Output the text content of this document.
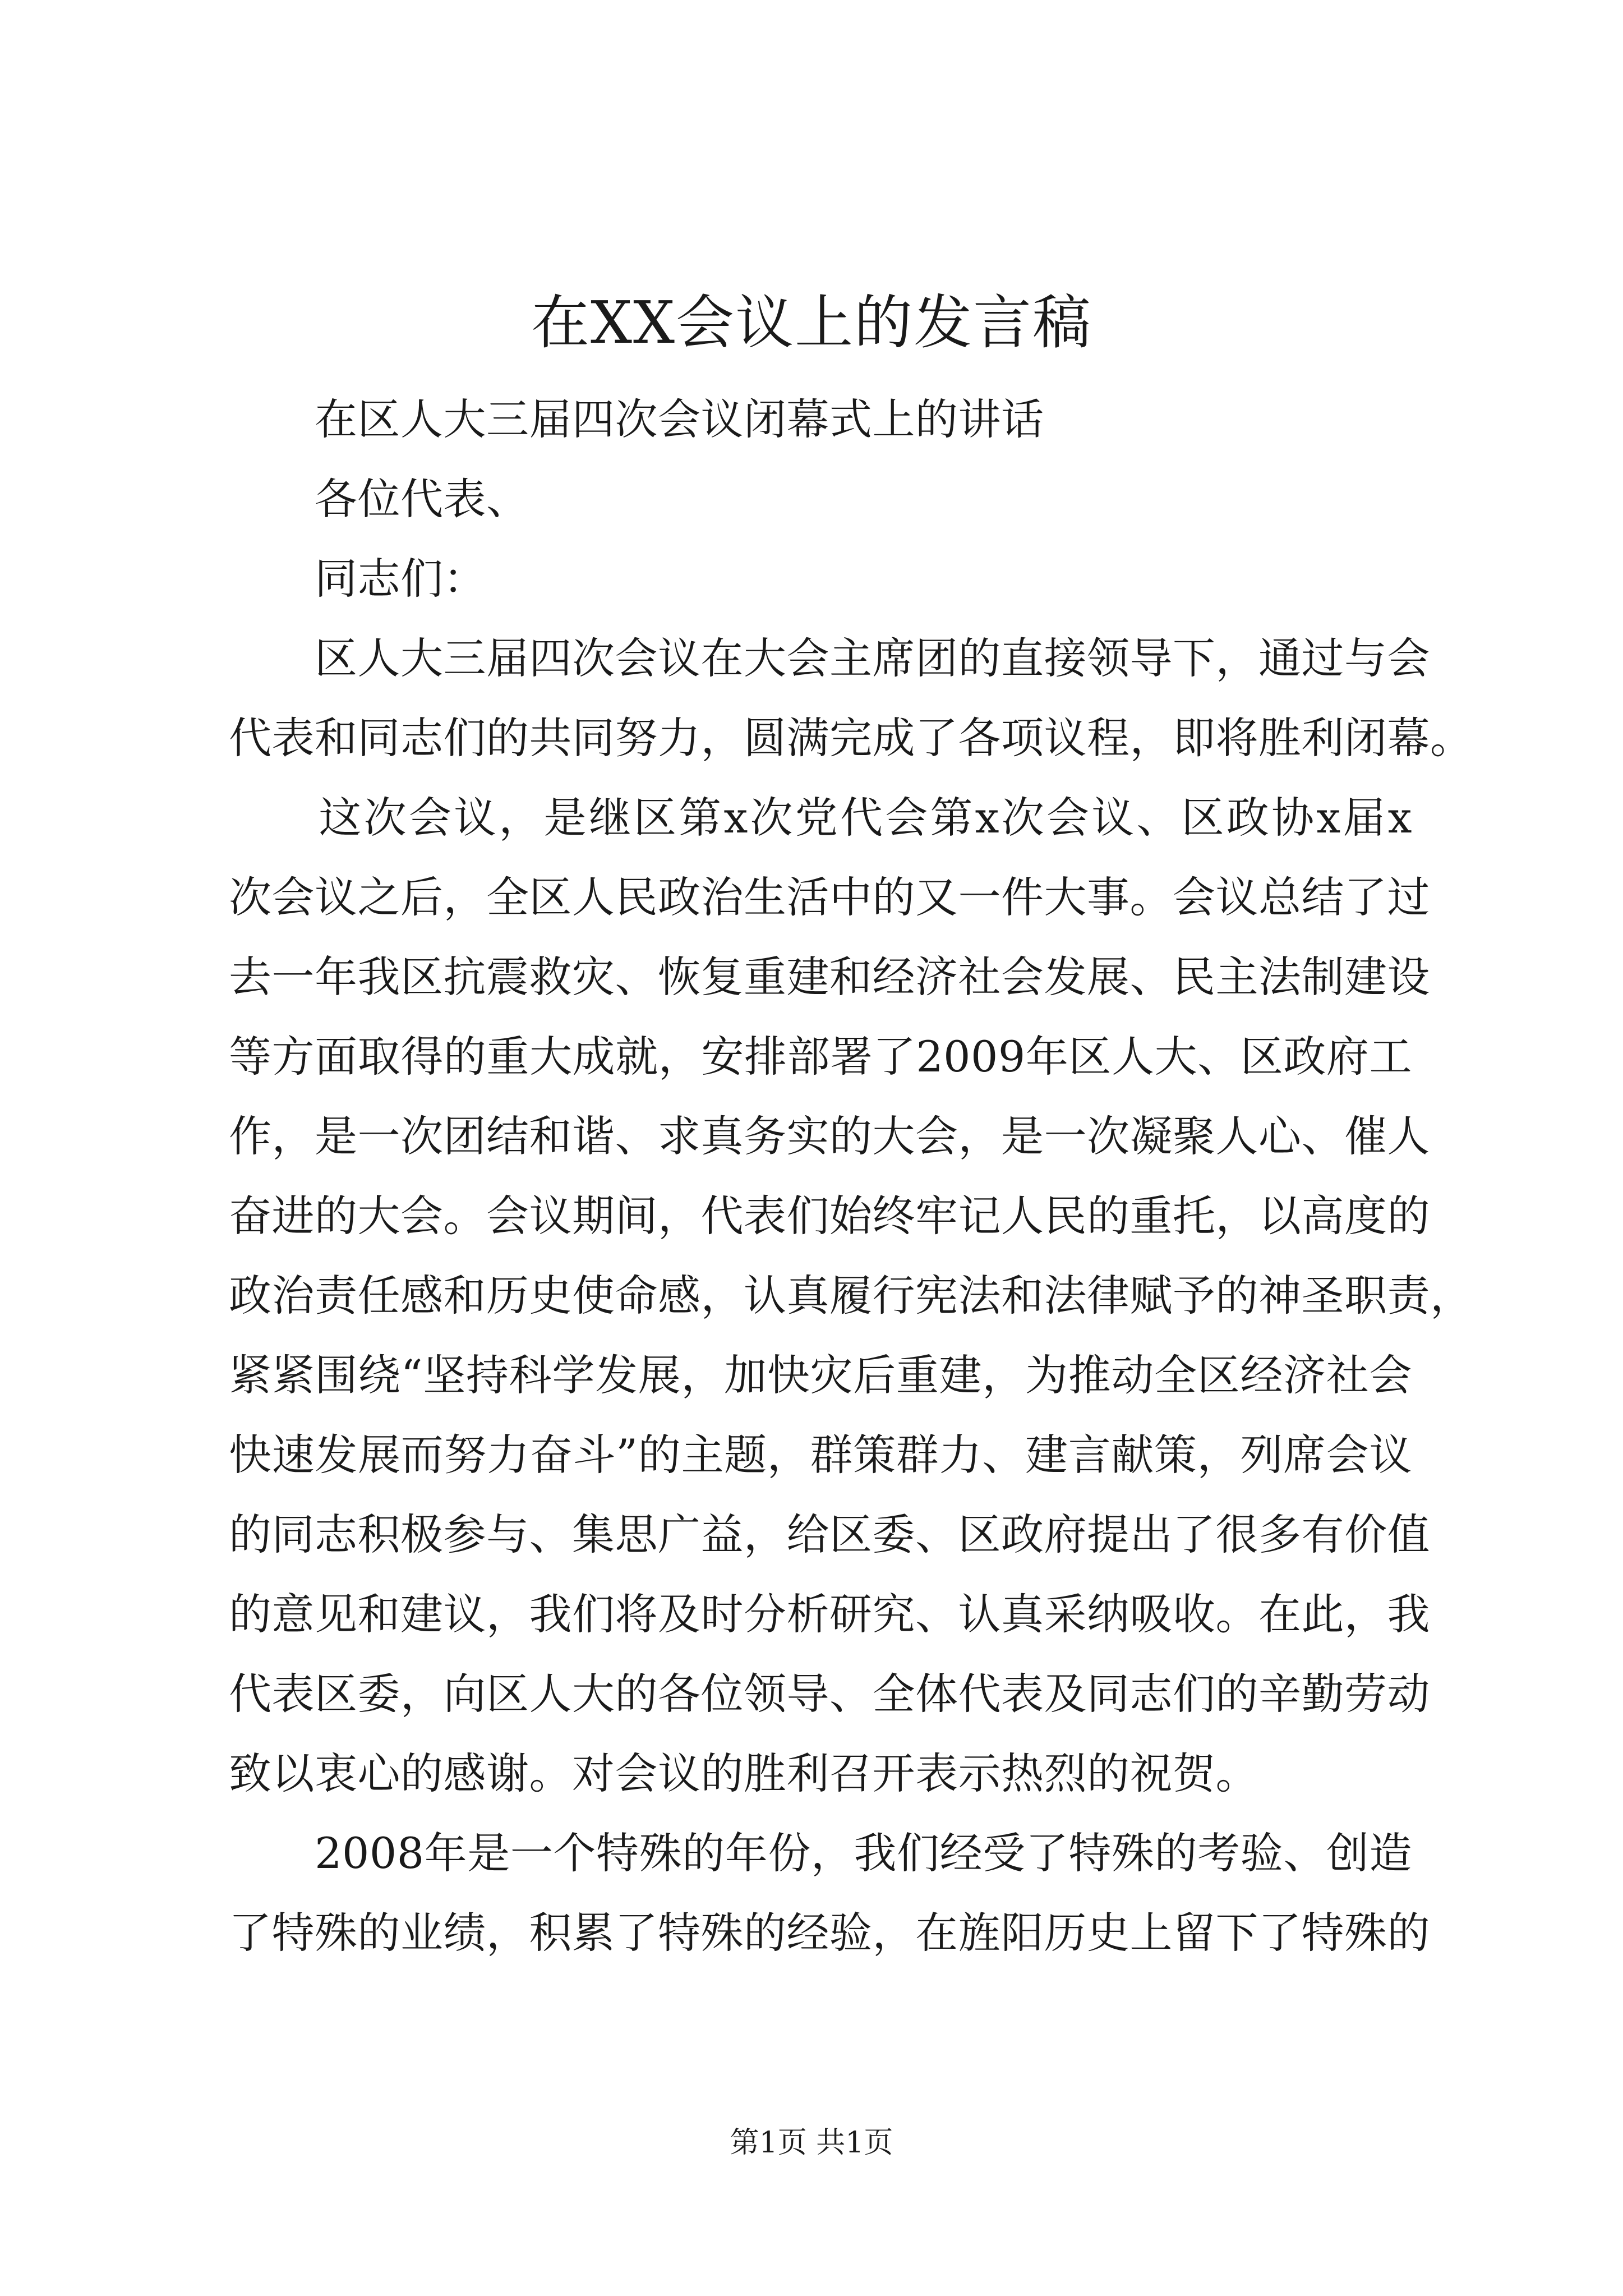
在XX会议上的发言稿

　　在区人大三届四次会议闭幕式上的讲话

　　各位代表、

　　同志们：

　　区人大三届四次会议在大会主席团的直接领导下，通过与会

代表和同志们的共同努力，圆满完成了各项议程，即将胜利闭幕。

　　这次会议，是继区第x次党代会第x次会议、区政协x届x

次会议之后，全区人民政治生活中的又一件大事。会议总结了过

去一年我区抗震救灾、恢复重建和经济社会发展、民主法制建设

等方面取得的重大成就，安排部署了2009年区人大、区政府工

作，是一次团结和谐、求真务实的大会，是一次凝聚人心、催人

奋进的大会。会议期间，代表们始终牢记人民的重托，以高度的

政治责任感和历史使命感，认真履行宪法和法律赋予的神圣职责，

紧紧围绕“坚持科学发展，加快灾后重建，为推动全区经济社会

快速发展而努力奋斗”的主题，群策群力、建言献策，列席会议

的同志积极参与、集思广益，给区委、区政府提出了很多有价值

的意见和建议，我们将及时分析研究、认真采纳吸收。在此，我

代表区委，向区人大的各位领导、全体代表及同志们的辛勤劳动

致以衷心的感谢。对会议的胜利召开表示热烈的祝贺。

　　2008年是一个特殊的年份，我们经受了特殊的考验、创造

了特殊的业绩，积累了特殊的经验，在旌阳历史上留下了特殊的

第1页 共1页
